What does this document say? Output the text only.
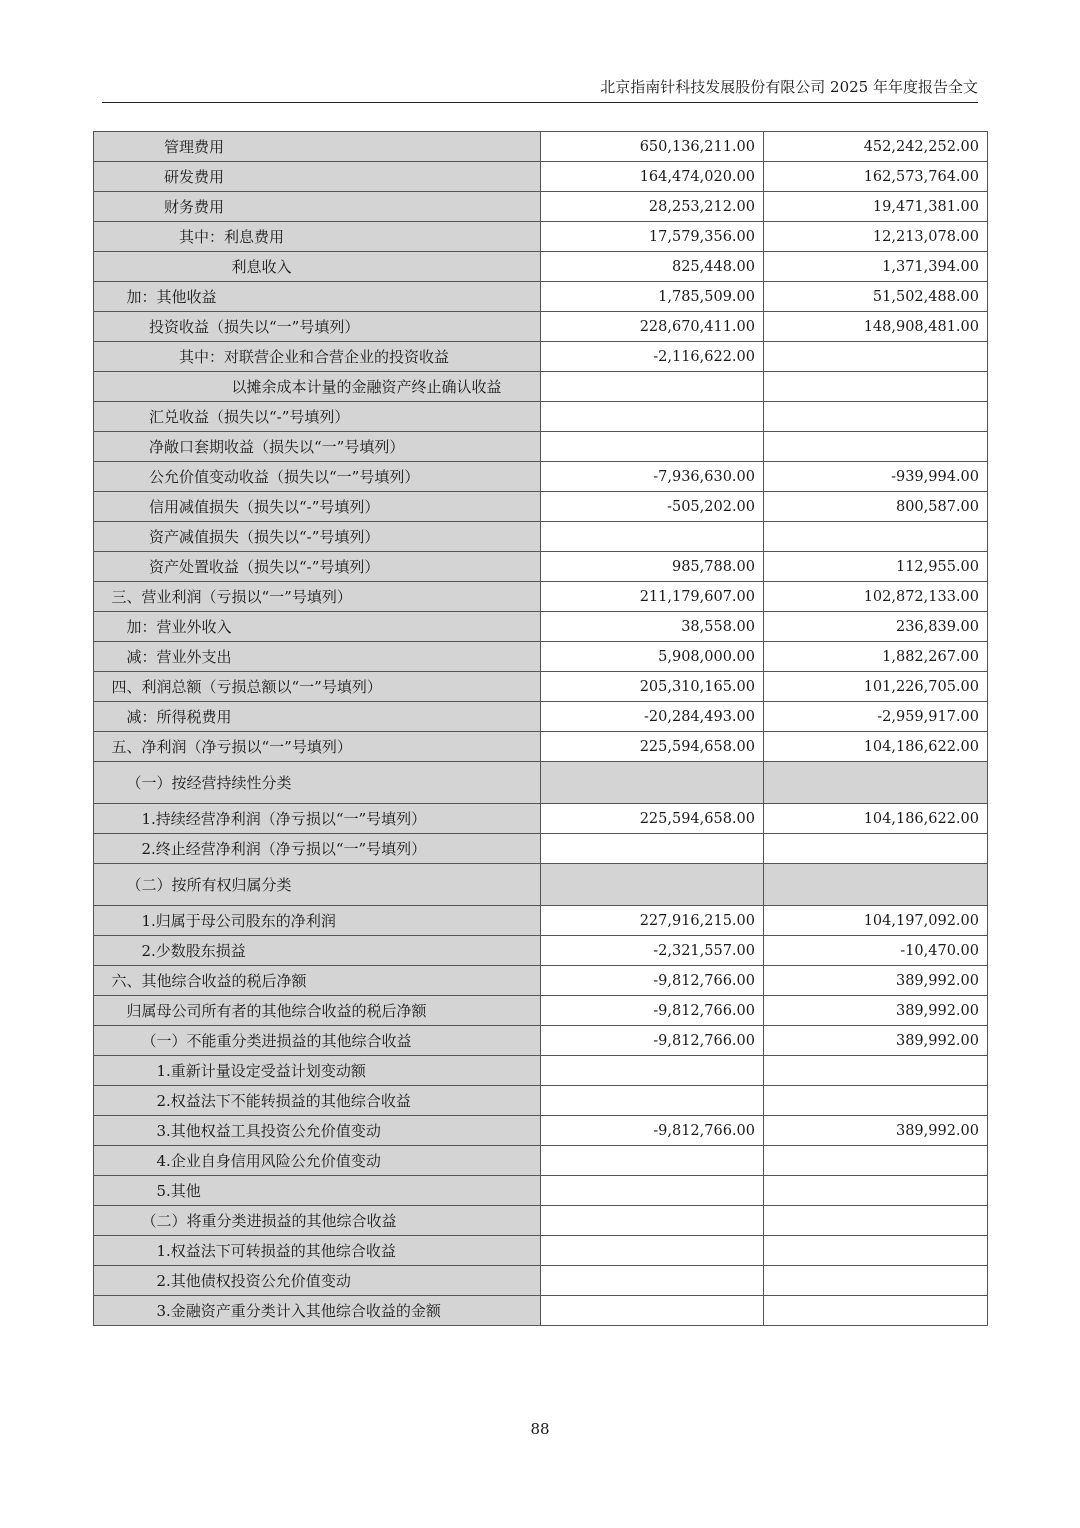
北京指南针科技发展股份有限公司 2025 年年度报告全文
管理费用	650,136,211.00	452,242,252.00
研发费用	164,474,020.00	162,573,764.00
财务费用	28,253,212.00	19,471,381.00
其中：利息费用	17,579,356.00	12,213,078.00
利息收入	825,448.00	1,371,394.00
加：其他收益	1,785,509.00	51,502,488.00
投资收益（损失以“一”号填列）	228,670,411.00	148,908,481.00
其中：对联营企业和合营企业的投资收益	-2,116,622.00	
以摊余成本计量的金融资产终止确认收益		
汇兑收益（损失以“-”号填列）		
净敞口套期收益（损失以“一”号填列）		
公允价值变动收益（损失以“一”号填列）	-7,936,630.00	-939,994.00
信用减值损失（损失以“-”号填列）	-505,202.00	800,587.00
资产减值损失（损失以“-”号填列）		
资产处置收益（损失以“-”号填列）	985,788.00	112,955.00
三、营业利润（亏损以“一”号填列）	211,179,607.00	102,872,133.00
加：营业外收入	38,558.00	236,839.00
减：营业外支出	5,908,000.00	1,882,267.00
四、利润总额（亏损总额以“一”号填列）	205,310,165.00	101,226,705.00
减：所得税费用	-20,284,493.00	-2,959,917.00
五、净利润（净亏损以“一”号填列）	225,594,658.00	104,186,622.00
（一）按经营持续性分类		
1.持续经营净利润（净亏损以“一”号填列）	225,594,658.00	104,186,622.00
2.终止经营净利润（净亏损以“一”号填列）		
（二）按所有权归属分类		
1.归属于母公司股东的净利润	227,916,215.00	104,197,092.00
2.少数股东损益	-2,321,557.00	-10,470.00
六、其他综合收益的税后净额	-9,812,766.00	389,992.00
归属母公司所有者的其他综合收益的税后净额	-9,812,766.00	389,992.00
（一）不能重分类进损益的其他综合收益	-9,812,766.00	389,992.00
1.重新计量设定受益计划变动额		
2.权益法下不能转损益的其他综合收益		
3.其他权益工具投资公允价值变动	-9,812,766.00	389,992.00
4.企业自身信用风险公允价值变动		
5.其他		
（二）将重分类进损益的其他综合收益		
1.权益法下可转损益的其他综合收益		
2.其他债权投资公允价值变动		
3.金融资产重分类计入其他综合收益的金额		
88
